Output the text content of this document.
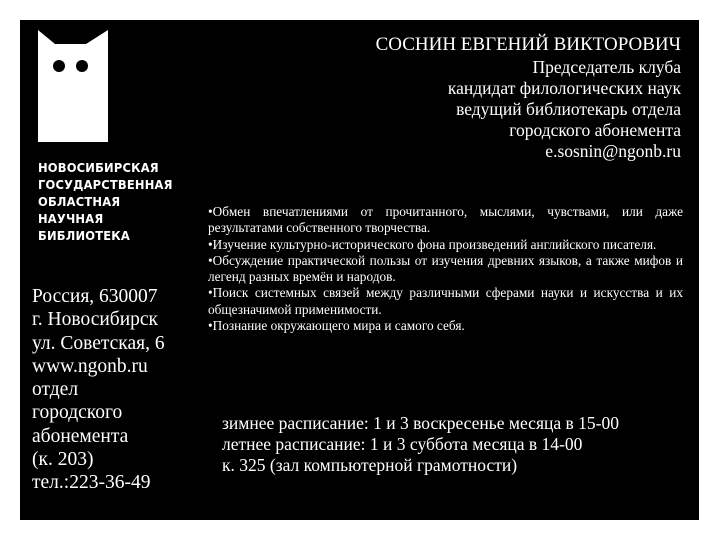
НОВОСИБИРСКАЯ
ГОСУДАРСТВЕННАЯ
ОБЛАСТНАЯ
НАУЧНАЯ
БИБЛИОТЕКА
Россия, 630007
г. Новосибирск
ул. Советская, 6
www.ngonb.ru
отдел
городского
абонемента
(к. 203)
тел.:223-36-49
СОСНИН ЕВГЕНИЙ ВИКТОРОВИЧ
Председатель клуба
кандидат филологических наук
ведущий библиотекарь отдела
городского абонемента
e.sosnin@ngonb.ru

•Обмен впечатлениями от прочитанного, мыслями, чувствами, или даже результатами собственного творчества.

•Изучение культурно-исторического фона произведений английского писателя.

•Обсуждение практической пользы от изучения древних языков, а также мифов и легенд разных времён и народов.

•Поиск системных связей между различными сферами науки и искусства и их общезначимой применимости.

•Познание окружающего мира и самого себя.

зимнее расписание: 1 и 3 воскресенье месяца в 15-00
летнее расписание: 1 и 3 суббота месяца в 14-00
к. 325 (зал компьютерной грамотности)
